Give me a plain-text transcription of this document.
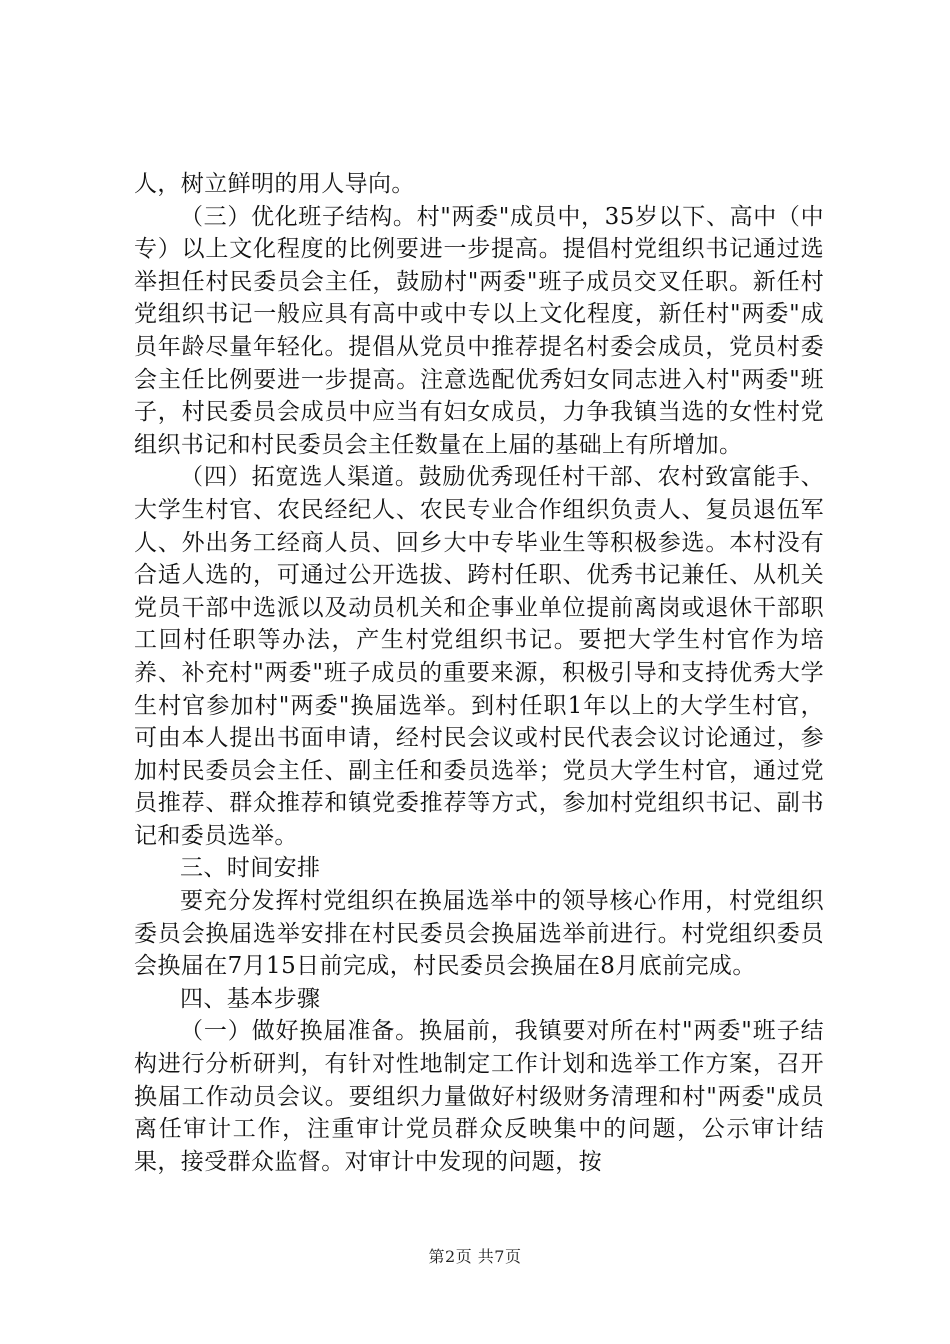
人，树立鲜明的用人导向。

（三）优化班子结构。村"两委"成员中，35岁以下、高中（中专）以上文化程度的比例要进一步提高。提倡村党组织书记通过选举担任村民委员会主任，鼓励村"两委"班子成员交叉任职。新任村党组织书记一般应具有高中或中专以上文化程度，新任村"两委"成员年龄尽量年轻化。提倡从党员中推荐提名村委会成员，党员村委会主任比例要进一步提高。注意选配优秀妇女同志进入村"两委"班子，村民委员会成员中应当有妇女成员，力争我镇当选的女性村党组织书记和村民委员会主任数量在上届的基础上有所增加。

（四）拓宽选人渠道。鼓励优秀现任村干部、农村致富能手、大学生村官、农民经纪人、农民专业合作组织负责人、复员退伍军人、外出务工经商人员、回乡大中专毕业生等积极参选。本村没有合适人选的，可通过公开选拔、跨村任职、优秀书记兼任、从机关党员干部中选派以及动员机关和企事业单位提前离岗或退休干部职工回村任职等办法，产生村党组织书记。要把大学生村官作为培养、补充村"两委"班子成员的重要来源，积极引导和支持优秀大学生村官参加村"两委"换届选举。到村任职1年以上的大学生村官，可由本人提出书面申请，经村民会议或村民代表会议讨论通过，参加村民委员会主任、副主任和委员选举；党员大学生村官，通过党员推荐、群众推荐和镇党委推荐等方式，参加村党组织书记、副书记和委员选举。

三、时间安排

要充分发挥村党组织在换届选举中的领导核心作用，村党组织委员会换届选举安排在村民委员会换届选举前进行。村党组织委员会换届在7月15日前完成，村民委员会换届在8月底前完成。

四、基本步骤

（一）做好换届准备。换届前，我镇要对所在村"两委"班子结构进行分析研判，有针对性地制定工作计划和选举工作方案，召开换届工作动员会议。要组织力量做好村级财务清理和村"两委"成员离任审计工作，注重审计党员群众反映集中的问题，公示审计结果，接受群众监督。对审计中发现的问题，按

第2页 共7页
